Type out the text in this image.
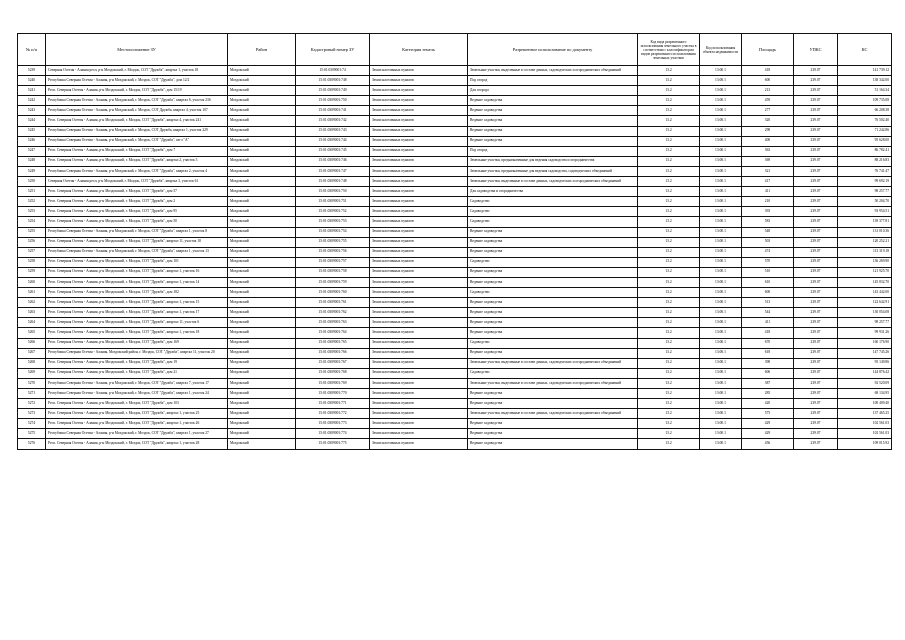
№ п/п	Местоположение ЗУ	Район	Кадастровый номер ЗУ	Категория земель	Разрешенное использование по документу	Код вида разрешенного использования земельного участка в соответствии с классификатором видов разрешенного использования земельных участков	Код использования объекта недвижимости	Площадь	УПКС	КС
5239	Северная Осетия - Алания респ, р-н Моздокский, г. Моздок, СОТ "Дружба", квартал 1, участок 18	Моздокский	15:01:0309001:74	Земли населенных пунктов	Земельные участки, выделенные в составе дачных, садоводческих и огороднических объединений	13.2	13:00.1	418	239.07	141 739.12
5240	Республика Северная Осетия - Алания, р-н Моздокский, г. Моздок, СОТ "Дружба", дом 12/2	Моздокский	15:01:0309001:748	Земли населенных пунктов	Под огород	13.2	13:00.1	600	239.07	138 342.00
5241	Респ. Северная Осетия - Алания, р-н Моздокский, г. Моздок, СОТ "Дружба", дом 15/19	Моздокский	15:01:0309001:749	Земли населенных пунктов	Для огорода	13.2	13:00.1	213	239.07	51 164.34
5242	Республика Северная Осетия - Алания, р-н Моздокский, г. Моздок, СОТ "Дружба", квартал 6, участок 236	Моздокский	15:01:0309001:750	Земли населенных пунктов	Ведение садоводства	13.2	13:00.1	459	239.07	109 735.08
5243	Республика Северная Осетия - Алания, р-н Моздокский, г. Моздок, СОТ Дружба, квартал 4, участок 107	Моздокский	15:01:0309001:741	Земли населенных пунктов	Ведение садоводства	13.2	13:00.1	277	239.07	66 208.38
5244	Респ. Северная Осетия - Алания, р-н Моздокский, г. Моздок, СОТ "Дружба", квартал 4, участок 241	Моздокский	15:01:0309001:742	Земли населенных пунктов	Ведение садоводства	13.2	13:00.1	320	239.07	76 502.40
5245	Республика Северная Осетия - Алания, р-н Моздокский, г. Моздок, СОТ Дружба, квартал 1, участок 229	Моздокский	15:01:0309001:743	Земли населенных пунктов	Ведение садоводства	13.2	13:00.1	298	239.07	71 242.86
5246	Республика Северная Осетия - Алания, р-н Моздокский, г. Моздок, СОТ "Дружба", кв-л "А"	Моздокский	15:01:0309001:744	Земли населенных пунктов	Ведение садоводства	13.2	13:00.1	400	239.07	95 628.00
5247	Респ. Северная Осетия - Алания, р-н Моздокский, г. Моздок, СОТ "Дружба", дом 7	Моздокский	15:01:0309001:745	Земли населенных пунктов	Под огород	13.2	13:00.1	363	239.07	86 782.41
5248	Респ. Северная Осетия - Алания, р-н Моздокский, г. Моздок, СОТ "Дружба", квартал 2, участок 3	Моздокский	15:01:0309001:746	Земли населенных пунктов	Земельные участки, предназначенные для ведения садоводства и огородничества	13.2	13:00.1	369	239.07	88 216.83
5249	Республика Северная Осетия - Алания, р-н Моздокский, г. Моздок, СОТ "Дружба", квартал 2, участок 4	Моздокский	15:01:0309001:747	Земли населенных пунктов	Земельные участки, предназначенные для ведения садоводства, садоводческих объединений	13.2	13:00.1	321	239.07	76 741.47
5250	Северная Осетия - Алания респ, р-н Моздокский, г. Моздок, СОТ "Дружба", квартал 3, участок 61	Моздокский	15:01:0309001:748	Земли населенных пунктов	Земельные участки, выделенные в составе дачных, садоводческих и огороднических объединений	13.2	13:00.1	417	239.07	99 692.19
5251	Респ. Северная Осетия - Алания, р-н Моздокский, г. Моздок, СОТ "Дружба", дом 57	Моздокский	15:01:0309001:750	Земли населенных пунктов	Для садоводства и огородничества	13.2	13:00.1	411	239.07	98 257.77
5252	Респ. Северная Осетия - Алания, р-н Моздокский, г. Моздок, СОТ "Дружба", дом 2	Моздокский	15:01:0309001:751	Земли населенных пунктов	Садоводство	13.2	13:00.1	210	239.07	50 204.70
5253	Респ. Северная Осетия - Алания, р-н Моздокский, г. Моздок, СОТ "Дружба", дом 95	Моздокский	15:01:0309001:752	Земли населенных пунктов	Садоводство	13.2	13:00.1	393	239.07	93 954.51
5254	Респ. Северная Осетия - Алания, р-н Моздокский, г. Моздок, СОТ "Дружба", дом 50	Моздокский	15:01:0309001:753	Земли населенных пунктов	Садоводство	13.2	13:00.1	583	239.07	139 377.81
5255	Республика Северная Осетия - Алания, р-н Моздокский, г. Моздок, СОТ "Дружба", квартал 1, участок 8	Моздокский	15:01:0309001:754	Земли населенных пунктов	Ведение садоводства	13.2	13:00.1	548	239.07	131 010.36
5256	Респ. Северная Осетия - Алания, р-н Моздокский, г. Моздок, СОТ "Дружба", квартал 11, участок 18	Моздокский	15:01:0309001:755	Земли населенных пунктов	Ведение садоводства	13.2	13:00.1	503	239.07	120 252.21
5257	Республика Северная Осетия - Алания, р-н Моздокский, г. Моздок, СОТ "Дружба", квартал 1, участок 13	Моздокский	15:01:0309001:756	Земли населенных пунктов	Ведение садоводства	13.2	13:00.1	474	239.07	113 319.18
5258	Респ. Северная Осетия - Алания, р-н Моздокский, г. Моздок, СОТ "Дружба", дом 101	Моздокский	15:01:0309001:757	Земли населенных пунктов	Садоводство	13.2	13:00.1	570	239.07	136 269.90
5259	Респ. Северная Осетия - Алания, р-н Моздокский, г. Моздок, СОТ "Дружба", квартал 1, участок 16	Моздокский	15:01:0309001:758	Земли населенных пунктов	Ведение садоводства	13.2	13:00.1	510	239.07	121 925.70
5260	Респ. Северная Осетия - Алания, р-н Моздокский, г. Моздок, СОТ "Дружба", квартал 1, участок 14	Моздокский	15:01:0309001:759	Земли населенных пунктов	Ведение садоводства	13.2	13:00.1	610	239.07	145 832.70
5261	Респ. Северная Осетия - Алания, р-н Моздокский, г. Моздок, СОТ "Дружба", дом 182	Моздокский	15:01:0309001:760	Земли населенных пунктов	Садоводство	13.2	13:00.1	600	239.07	143 442.00
5262	Респ. Северная Осетия - Алания, р-н Моздокский, г. Моздок, СОТ "Дружба", квартал 1, участок 15	Моздокский	15:01:0309001:761	Земли населенных пунктов	Ведение садоводства	13.2	13:00.1	513	239.07	122 642.91
5263	Респ. Северная Осетия - Алания, р-н Моздокский, г. Моздок, СОТ "Дружба", квартал 1, участок 17	Моздокский	15:01:0309001:762	Земли населенных пунктов	Ведение садоводства	13.2	13:00.1	544	239.07	130 054.08
5264	Респ. Северная Осетия - Алания, р-н Моздокский, г. Моздок, СОТ "Дружба", квартал 11, участок 6	Моздокский	15:01:0309001:763	Земли населенных пунктов	Ведение садоводства	13.2	13:00.1	411	239.07	98 257.77
5265	Респ. Северная Осетия - Алания, р-н Моздокский, г. Моздок, СОТ "Дружба", квартал 1, участок 18	Моздокский	15:01:0309001:764	Земли населенных пунктов	Ведение садоводства	13.2	13:00.1	418	239.07	99 931.26
5266	Респ. Северная Осетия - Алания, р-н Моздокский, г. Моздок, СОТ "Дружба", дом 169	Моздокский	15:01:0309001:765	Земли населенных пунктов	Садоводство	13.2	13:00.1	670	239.07	160 176.90
5267	Республика Северная Осетия - Алания, Моздокский район, г. Моздок, СОТ "Дружба", квартал 11, участок 20	Моздокский	15:01:0309001:766	Земли населенных пунктов	Ведение садоводства	13.2	13:00.1	618	239.07	147 745.26
5268	Респ. Северная Осетия - Алания, р-н Моздокский, г. Моздок, СОТ "Дружба", дом 19	Моздокский	15:01:0309001:767	Земли населенных пунктов	Земельные участки, выделенные в составе дачных, садоводческих и огороднических объединений	13.2	13:00.1	398	239.07	95 149.86
5269	Респ. Северная Осетия - Алания, р-н Моздокский, г. Моздок, СОТ "Дружба", дом 21	Моздокский	15:01:0309001:768	Земли населенных пунктов	Садоводство	13.2	13:00.1	606	239.07	144 876.42
5270	Республика Северная Осетия - Алания, р-н Моздокский, г. Моздок, СОТ "Дружба", квартал 7, участок 17	Моздокский	15:01:0309001:769	Земли населенных пунктов	Земельные участки, выделенные в составе дачных, садоводческих и огороднических объединений	13.2	13:00.1	387	239.07	92 520.09
5271	Республика Северная Осетия - Алания, р-н Моздокский, г. Моздок, СОТ "Дружба", квартал 1, участок 24	Моздокский	15:01:0309001:770	Земли населенных пунктов	Ведение садоводства	13.2	13:00.1	285	239.07	68 134.95
5272	Респ. Северная Осетия - Алания, р-н Моздокский, г. Моздок, СОТ "Дружба", дом 103	Моздокский	15:01:0309001:771	Земли населенных пунктов	Ведение садоводства	13.2	13:00.1	420	239.07	100 409.40
5273	Респ. Северная Осетия - Алания, р-н Моздокский, г. Моздок, СОТ "Дружба", квартал 1, участок 25	Моздокский	15:01:0309001:772	Земли населенных пунктов	Земельные участки, выделенные в составе дачных, садоводческих и огороднических объединений	13.2	13:00.1	575	239.07	137 465.25
5274	Респ. Северная Осетия - Алания, р-н Моздокский, г. Моздок, СОТ "Дружба", квартал 1, участок 26	Моздокский	15:01:0309001:773	Земли населенных пунктов	Ведение садоводства	13.2	13:00.1	429	239.07	102 561.03
5275	Республика Северная Осетия - Алания, р-н Моздокский, г. Моздок, СОТ "Дружба", квартал 1, участок 27	Моздокский	15:01:0309001:774	Земли населенных пунктов	Ведение садоводства	13.2	13:00.1	429	239.07	102 561.03
5276	Респ. Северная Осетия - Алания, р-н Моздокский, г. Моздок, СОТ "Дружба", квартал 1, участок 28	Моздокский	15:01:0309001:775	Земли населенных пунктов	Ведение садоводства	13.2	13:00.1	456	239.07	109 015.92
